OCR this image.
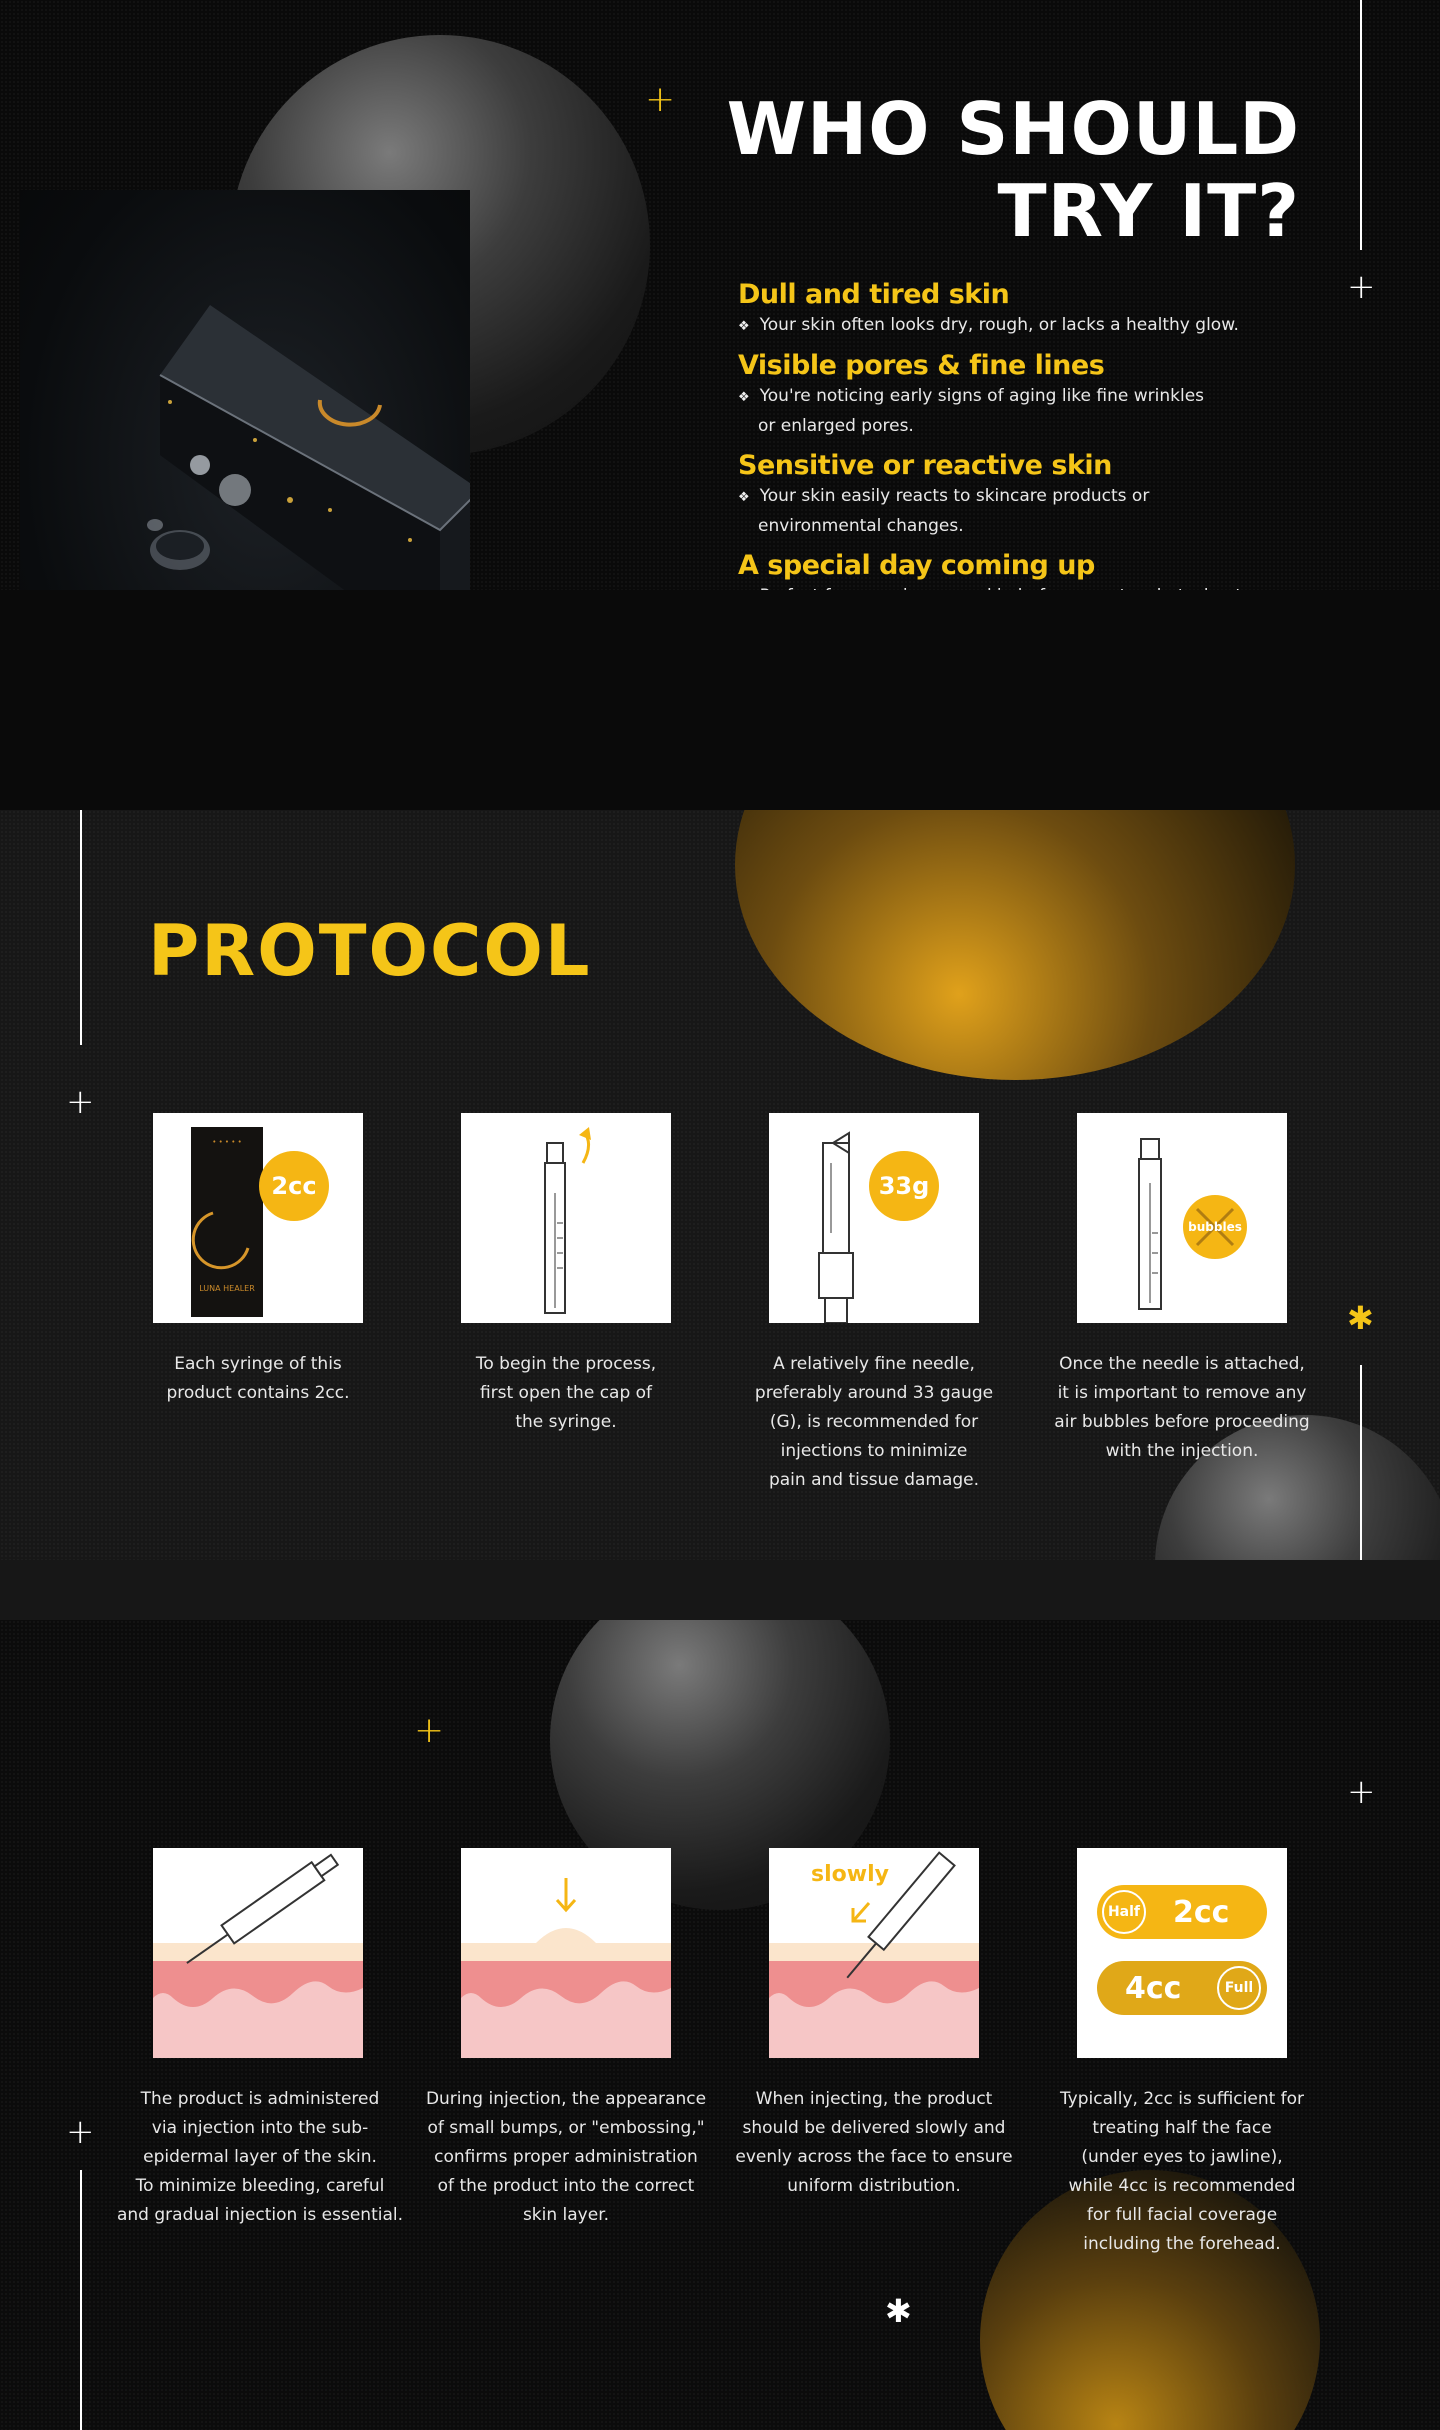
+
+
WHO SHOULD
TRY IT?
Dull and tired skin
❖ Your skin often looks dry, rough, or lacks a healthy glow.
Visible pores & fine lines
❖ You're noticing early signs of aging like fine wrinkles
or enlarged pores.
Sensitive or reactive skin
❖ Your skin easily reacts to skincare products or
environmental changes.
A special day coming up
+
✱
PROTOCOL
• • • • •
LUNA HEALER
2cc	33g
bubbles
Each syringe of this
product contains 2cc.
To begin the process,
first open the cap of
the syringe.
A relatively fine needle,
preferably around 33 gauge
(G), is recommended for
injections to minimize
pain and tissue damage.
Once the needle is attached,
it is important to remove any
air bubbles before proceeding
with the injection.
+
+
+
✱
slowly
Half 2cc
4cc	Full
The product is administered
via injection into the sub-
epidermal layer of the skin.
To minimize bleeding, careful
and gradual injection is essential.
During injection, the appearance
of small bumps, or "embossing,"
confirms proper administration
of the product into the correct
skin layer.
When injecting, the product
should be delivered slowly and
evenly across the face to ensure
uniform distribution.
Typically, 2cc is sufficient for
treating half the face
(under eyes to jawline),
while 4cc is recommended
for full facial coverage
including the forehead.
